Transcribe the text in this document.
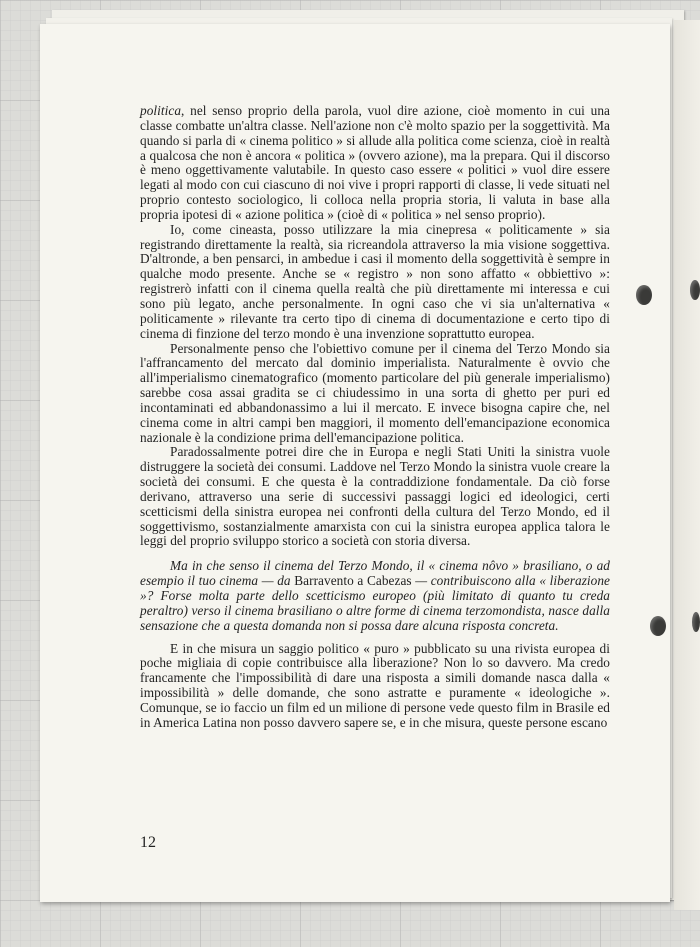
politica, nel senso proprio della parola, vuol dire azione, cioè momento in cui una classe combatte un'altra classe. Nell'azione non c'è molto spazio per la soggettività. Ma quando si parla di « cinema politico » si allude alla politica come scienza, cioè in realtà a qualcosa che non è ancora « politica » (ovvero azione), ma la prepara. Qui il discorso è meno oggettivamente valutabile. In questo caso essere « politici » vuol dire essere legati al modo con cui ciascuno di noi vive i propri rapporti di classe, li vede situati nel proprio contesto sociologico, li colloca nella propria storia, li valuta in base alla propria ipotesi di « azione politica » (cioè di « politica » nel senso proprio).

Io, come cineasta, posso utilizzare la mia cinepresa « politicamente » sia registrando direttamente la realtà, sia ricreandola attraverso la mia visione soggettiva. D'altronde, a ben pensarci, in ambedue i casi il momento della soggettività è sempre in qualche modo presente. Anche se « registro » non sono affatto « obbiettivo »: registrerò infatti con il cinema quella realtà che più direttamente mi interessa e cui sono più legato, anche personalmente. In ogni caso che vi sia un'alternativa « politicamente » rilevante tra certo tipo di cinema di documentazione e certo tipo di cinema di finzione del terzo mondo è una invenzione soprattutto europea.

Personalmente penso che l'obiettivo comune per il cinema del Terzo Mondo sia l'affrancamento del mercato dal dominio imperialista. Naturalmente è ovvio che all'imperialismo cinematografico (momento particolare del più generale imperialismo) sarebbe cosa assai gradita se ci chiudessimo in una sorta di ghetto per puri ed incontaminati ed abbandonassimo a lui il mercato. E invece bisogna capire che, nel cinema come in altri campi ben maggiori, il momento dell'emancipazione economica nazionale è la condizione prima dell'emancipazione politica.

Paradossalmente potrei dire che in Europa e negli Stati Uniti la sinistra vuole distruggere la società dei consumi. Laddove nel Terzo Mondo la sinistra vuole creare la società dei consumi. E che questa è la contraddizione fondamentale. Da ciò forse derivano, attraverso una serie di successivi passaggi logici ed ideologici, certi scetticismi della sinistra europea nei confronti della cultura del Terzo Mondo, ed il soggettivismo, sostanzialmente amarxista con cui la sinistra europea applica talora le leggi del proprio sviluppo storico a società con storia diversa.

Ma in che senso il cinema del Terzo Mondo, il « cinema nôvo » brasiliano, o ad esempio il tuo cinema — da Barravento a Cabezas — contribuiscono alla « liberazione »? Forse molta parte dello scetticismo europeo (più limitato di quanto tu creda peraltro) verso il cinema brasiliano o altre forme di cinema terzomondista, nasce dalla sensazione che a questa domanda non si possa dare alcuna risposta concreta.

E in che misura un saggio politico « puro » pubblicato su una rivista europea di poche migliaia di copie contribuisce alla liberazione? Non lo so davvero. Ma credo francamente che l'impossibilità di dare una risposta a simili domande nasca dalla « impossibilità » delle domande, che sono astratte e puramente « ideologiche ». Comunque, se io faccio un film ed un milione di persone vede questo film in Brasile ed in America Latina non posso davvero sapere se, e in che misura, queste persone escano

12
